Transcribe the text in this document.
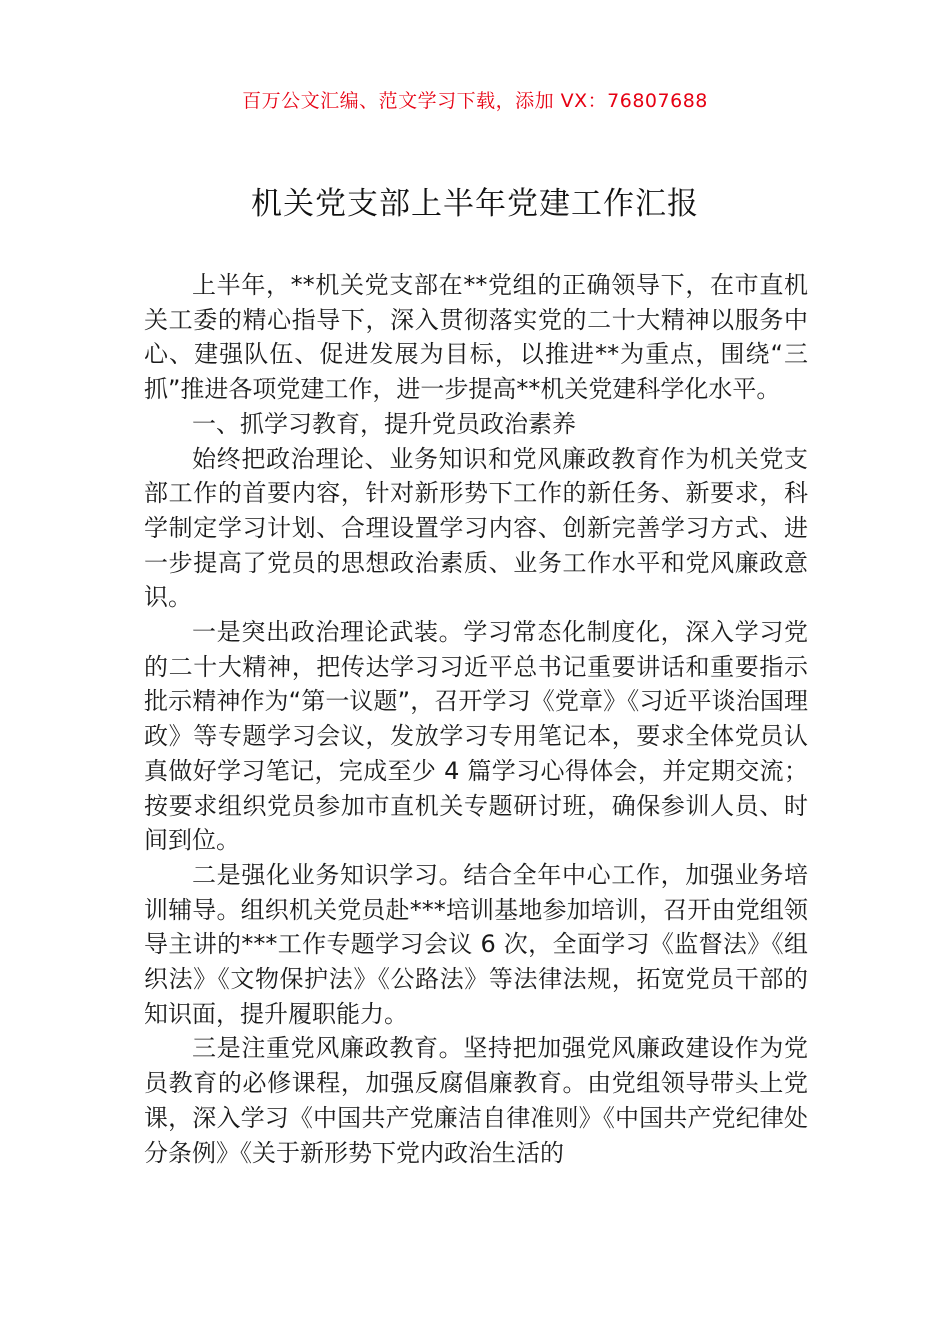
百万公文汇编、范文学习下载，添加 VX：76807688
机关党支部上半年党建工作汇报

上半年，**机关党支部在**党组的正确领导下，在市直机关工委的精心指导下，深入贯彻落实党的二十大精神以服务中心、建强队伍、促进发展为目标，以推进**为重点，围绕“三抓”推进各项党建工作，进一步提高**机关党建科学化水平。

一、抓学习教育，提升党员政治素养

始终把政治理论、业务知识和党风廉政教育作为机关党支部工作的首要内容，针对新形势下工作的新任务、新要求，科学制定学习计划、合理设置学习内容、创新完善学习方式、进一步提高了党员的思想政治素质、业务工作水平和党风廉政意识。

一是突出政治理论武装。学习常态化制度化，深入学习党的二十大精神，把传达学习习近平总书记重要讲话和重要指示批示精神作为“第一议题”，召开学习《党章》《习近平谈治国理政》等专题学习会议，发放学习专用笔记本，要求全体党员认真做好学习笔记，完成至少 4 篇学习心得体会，并定期交流；按要求组织党员参加市直机关专题研讨班，确保参训人员、时间到位。

二是强化业务知识学习。结合全年中心工作，加强业务培训辅导。组织机关党员赴***培训基地参加培训，召开由党组领导主讲的***工作专题学习会议 6 次，全面学习《监督法》《组织法》《文物保护法》《公路法》等法律法规，拓宽党员干部的知识面，提升履职能力。

三是注重党风廉政教育。坚持把加强党风廉政建设作为党员教育的必修课程，加强反腐倡廉教育。由党组领导带头上党课，深入学习《中国共产党廉洁自律准则》《中国共产党纪律处分条例》《关于新形势下党内政治生活的
